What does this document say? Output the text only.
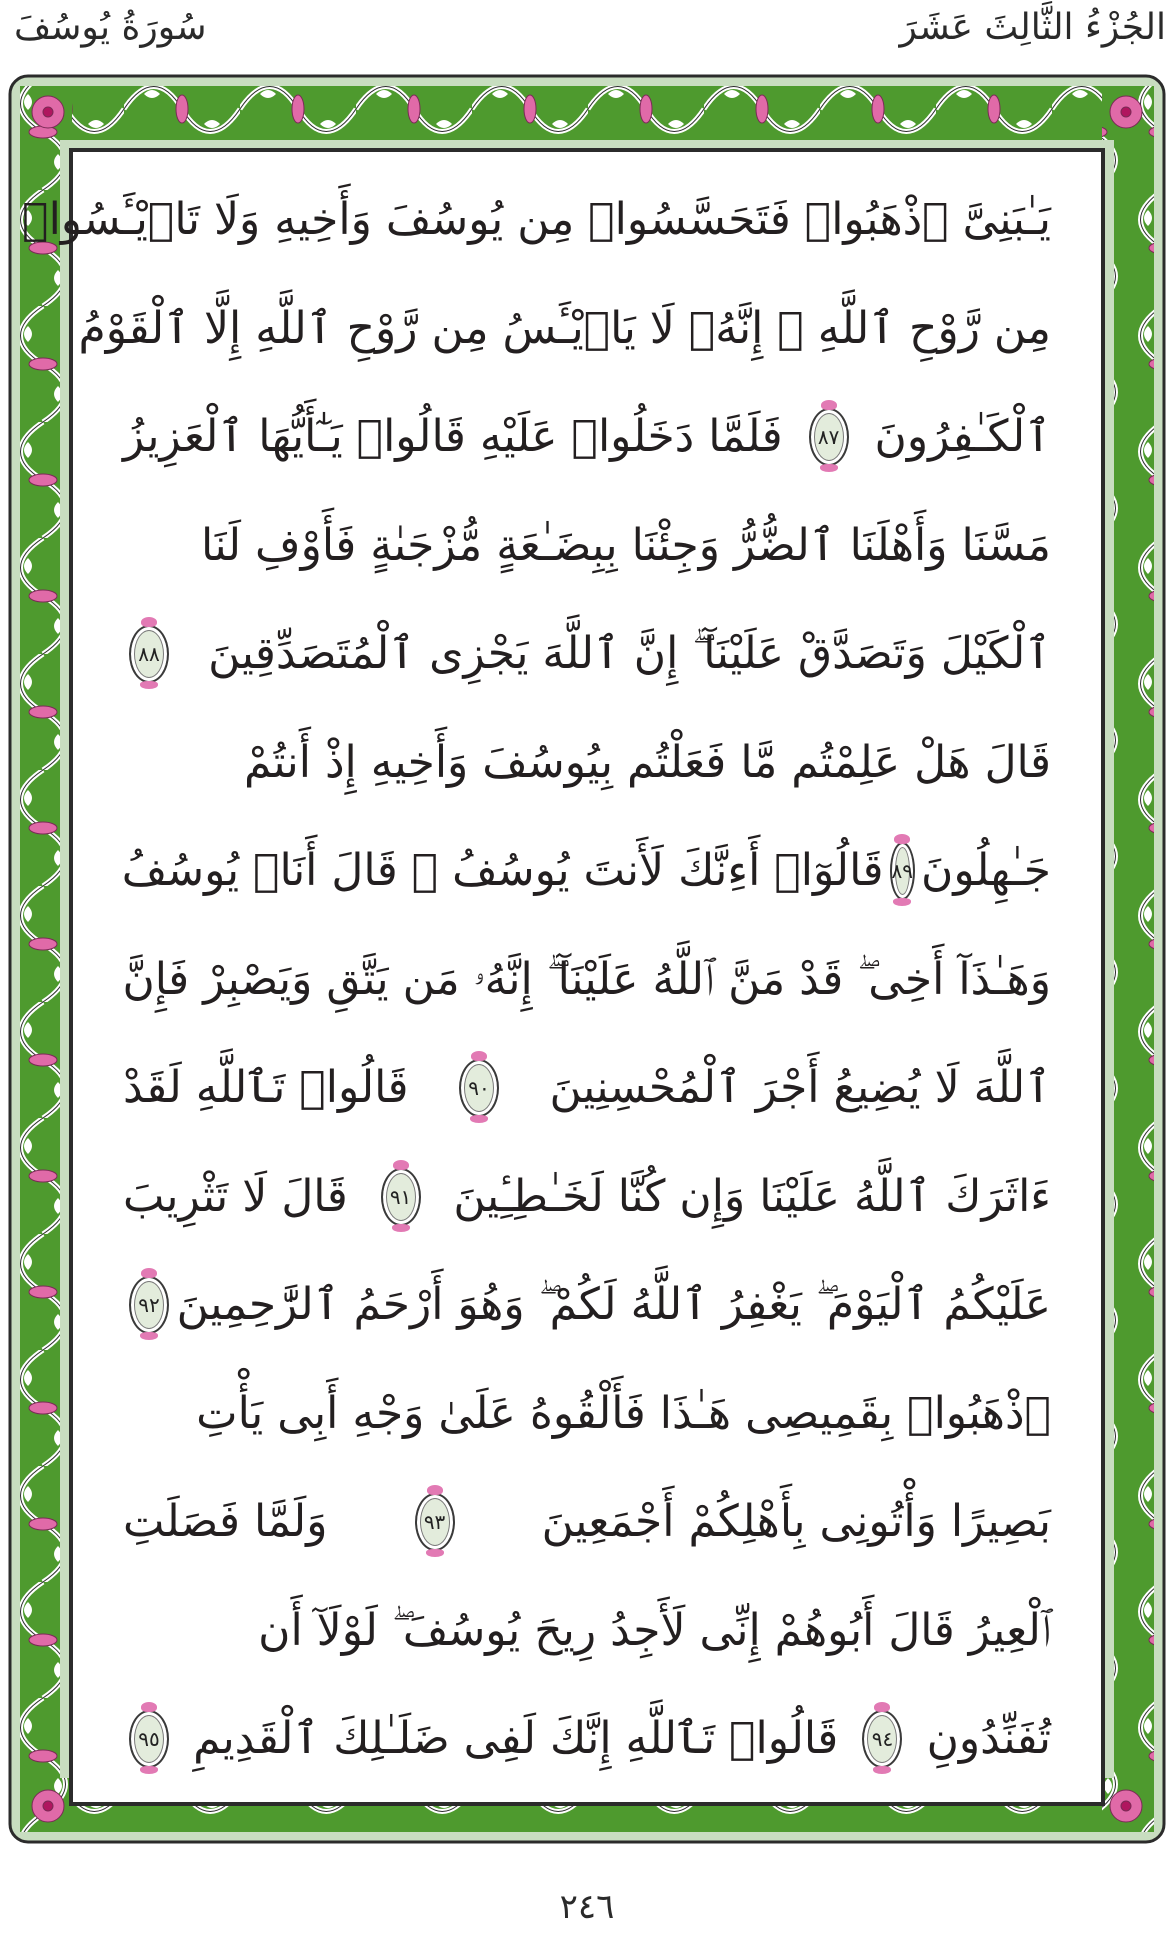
الجُزْءُ الثَّالِثَ عَشَرَ
سُورَةُ يُوسُفَ
يَـٰبَنِىَّ ٱذْهَبُوا۟ فَتَحَسَّسُوا۟ مِن يُوسُفَ وَأَخِيهِ وَلَا تَا۟يْـَٔسُوا۟
مِن رَّوْحِ ٱللَّهِ ۖ إِنَّهُۥ لَا يَا۟يْـَٔسُ مِن رَّوْحِ ٱللَّهِ إِلَّا ٱلْقَوْمُ
ٱلْكَـٰفِرُونَ
٨٧
فَلَمَّا دَخَلُوا۟ عَلَيْهِ قَالُوا۟ يَـٰٓأَيُّهَا ٱلْعَزِيزُ
مَسَّنَا وَأَهْلَنَا ٱلضُّرُّ وَجِئْنَا بِبِضَـٰعَةٍ مُّزْجَىٰةٍ فَأَوْفِ لَنَا
ٱلْكَيْلَ وَتَصَدَّقْ عَلَيْنَآ ۖ إِنَّ ٱللَّهَ يَجْزِى ٱلْمُتَصَدِّقِينَ
٨٨
قَالَ هَلْ عَلِمْتُم مَّا فَعَلْتُم بِيُوسُفَ وَأَخِيهِ إِذْ أَنتُمْ
جَـٰهِلُونَ
٨٩
قَالُوٓا۟ أَءِنَّكَ لَأَنتَ يُوسُفُ ۖ قَالَ أَنَا۠ يُوسُفُ
وَهَـٰذَآ أَخِى ۖ قَدْ مَنَّ ٱللَّهُ عَلَيْنَآ ۖ إِنَّهُۥ مَن يَتَّقِ وَيَصْبِرْ فَإِنَّ
ٱللَّهَ لَا يُضِيعُ أَجْرَ ٱلْمُحْسِنِينَ
٩٠
قَالُوا۟ تَٱللَّهِ لَقَدْ
ءَاثَرَكَ ٱللَّهُ عَلَيْنَا وَإِن كُنَّا لَخَـٰطِـِٔينَ
٩١
قَالَ لَا تَثْرِيبَ
عَلَيْكُمُ ٱلْيَوْمَ ۖ يَغْفِرُ ٱللَّهُ لَكُمْ ۖ وَهُوَ أَرْحَمُ ٱلرَّٰحِمِينَ
٩٢
ٱذْهَبُوا۟ بِقَمِيصِى هَـٰذَا فَأَلْقُوهُ عَلَىٰ وَجْهِ أَبِى يَأْتِ
بَصِيرًا وَأْتُونِى بِأَهْلِكُمْ أَجْمَعِينَ
٩٣
وَلَمَّا فَصَلَتِ
ٱلْعِيرُ قَالَ أَبُوهُمْ إِنِّى لَأَجِدُ رِيحَ يُوسُفَ ۖ لَوْلَآ أَن
تُفَنِّدُونِ
٩٤
قَالُوا۟ تَٱللَّهِ إِنَّكَ لَفِى ضَلَـٰلِكَ ٱلْقَدِيمِ
٩٥
٢٤٦
